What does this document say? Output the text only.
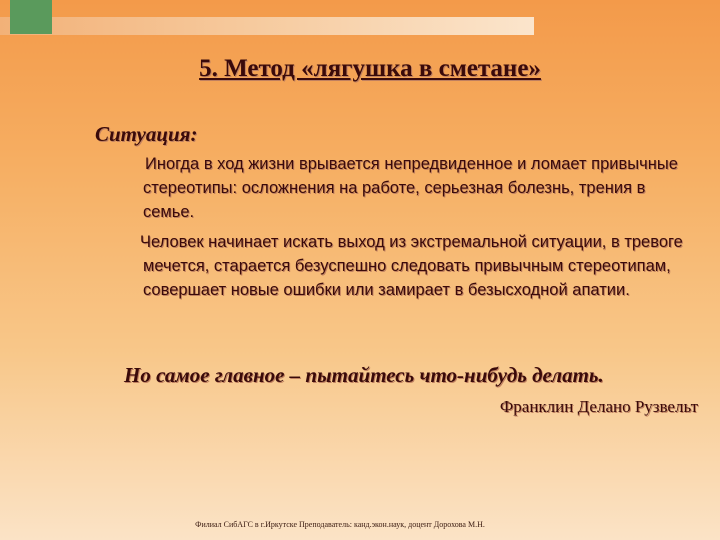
5. Метод «лягушка в сметане»
Ситуация:

Иногда в ход жизни врывается непредвиденное и ломает привычные стереотипы: осложнения на работе, серьезная болезнь, трения в семье.

Человек начинает искать выход из экстремальной ситуации, в тревоге мечется, старается безуспешно следовать привычным стереотипам, совершает новые ошибки или замирает в безысходной апатии.

Но самое главное – пытайтесь что-нибудь делать.
Франклин Делано Рузвельт
Филиал СибАГС в г.Иркутске Преподаватель: канд.экон.наук, доцент Дорохова М.Н.
